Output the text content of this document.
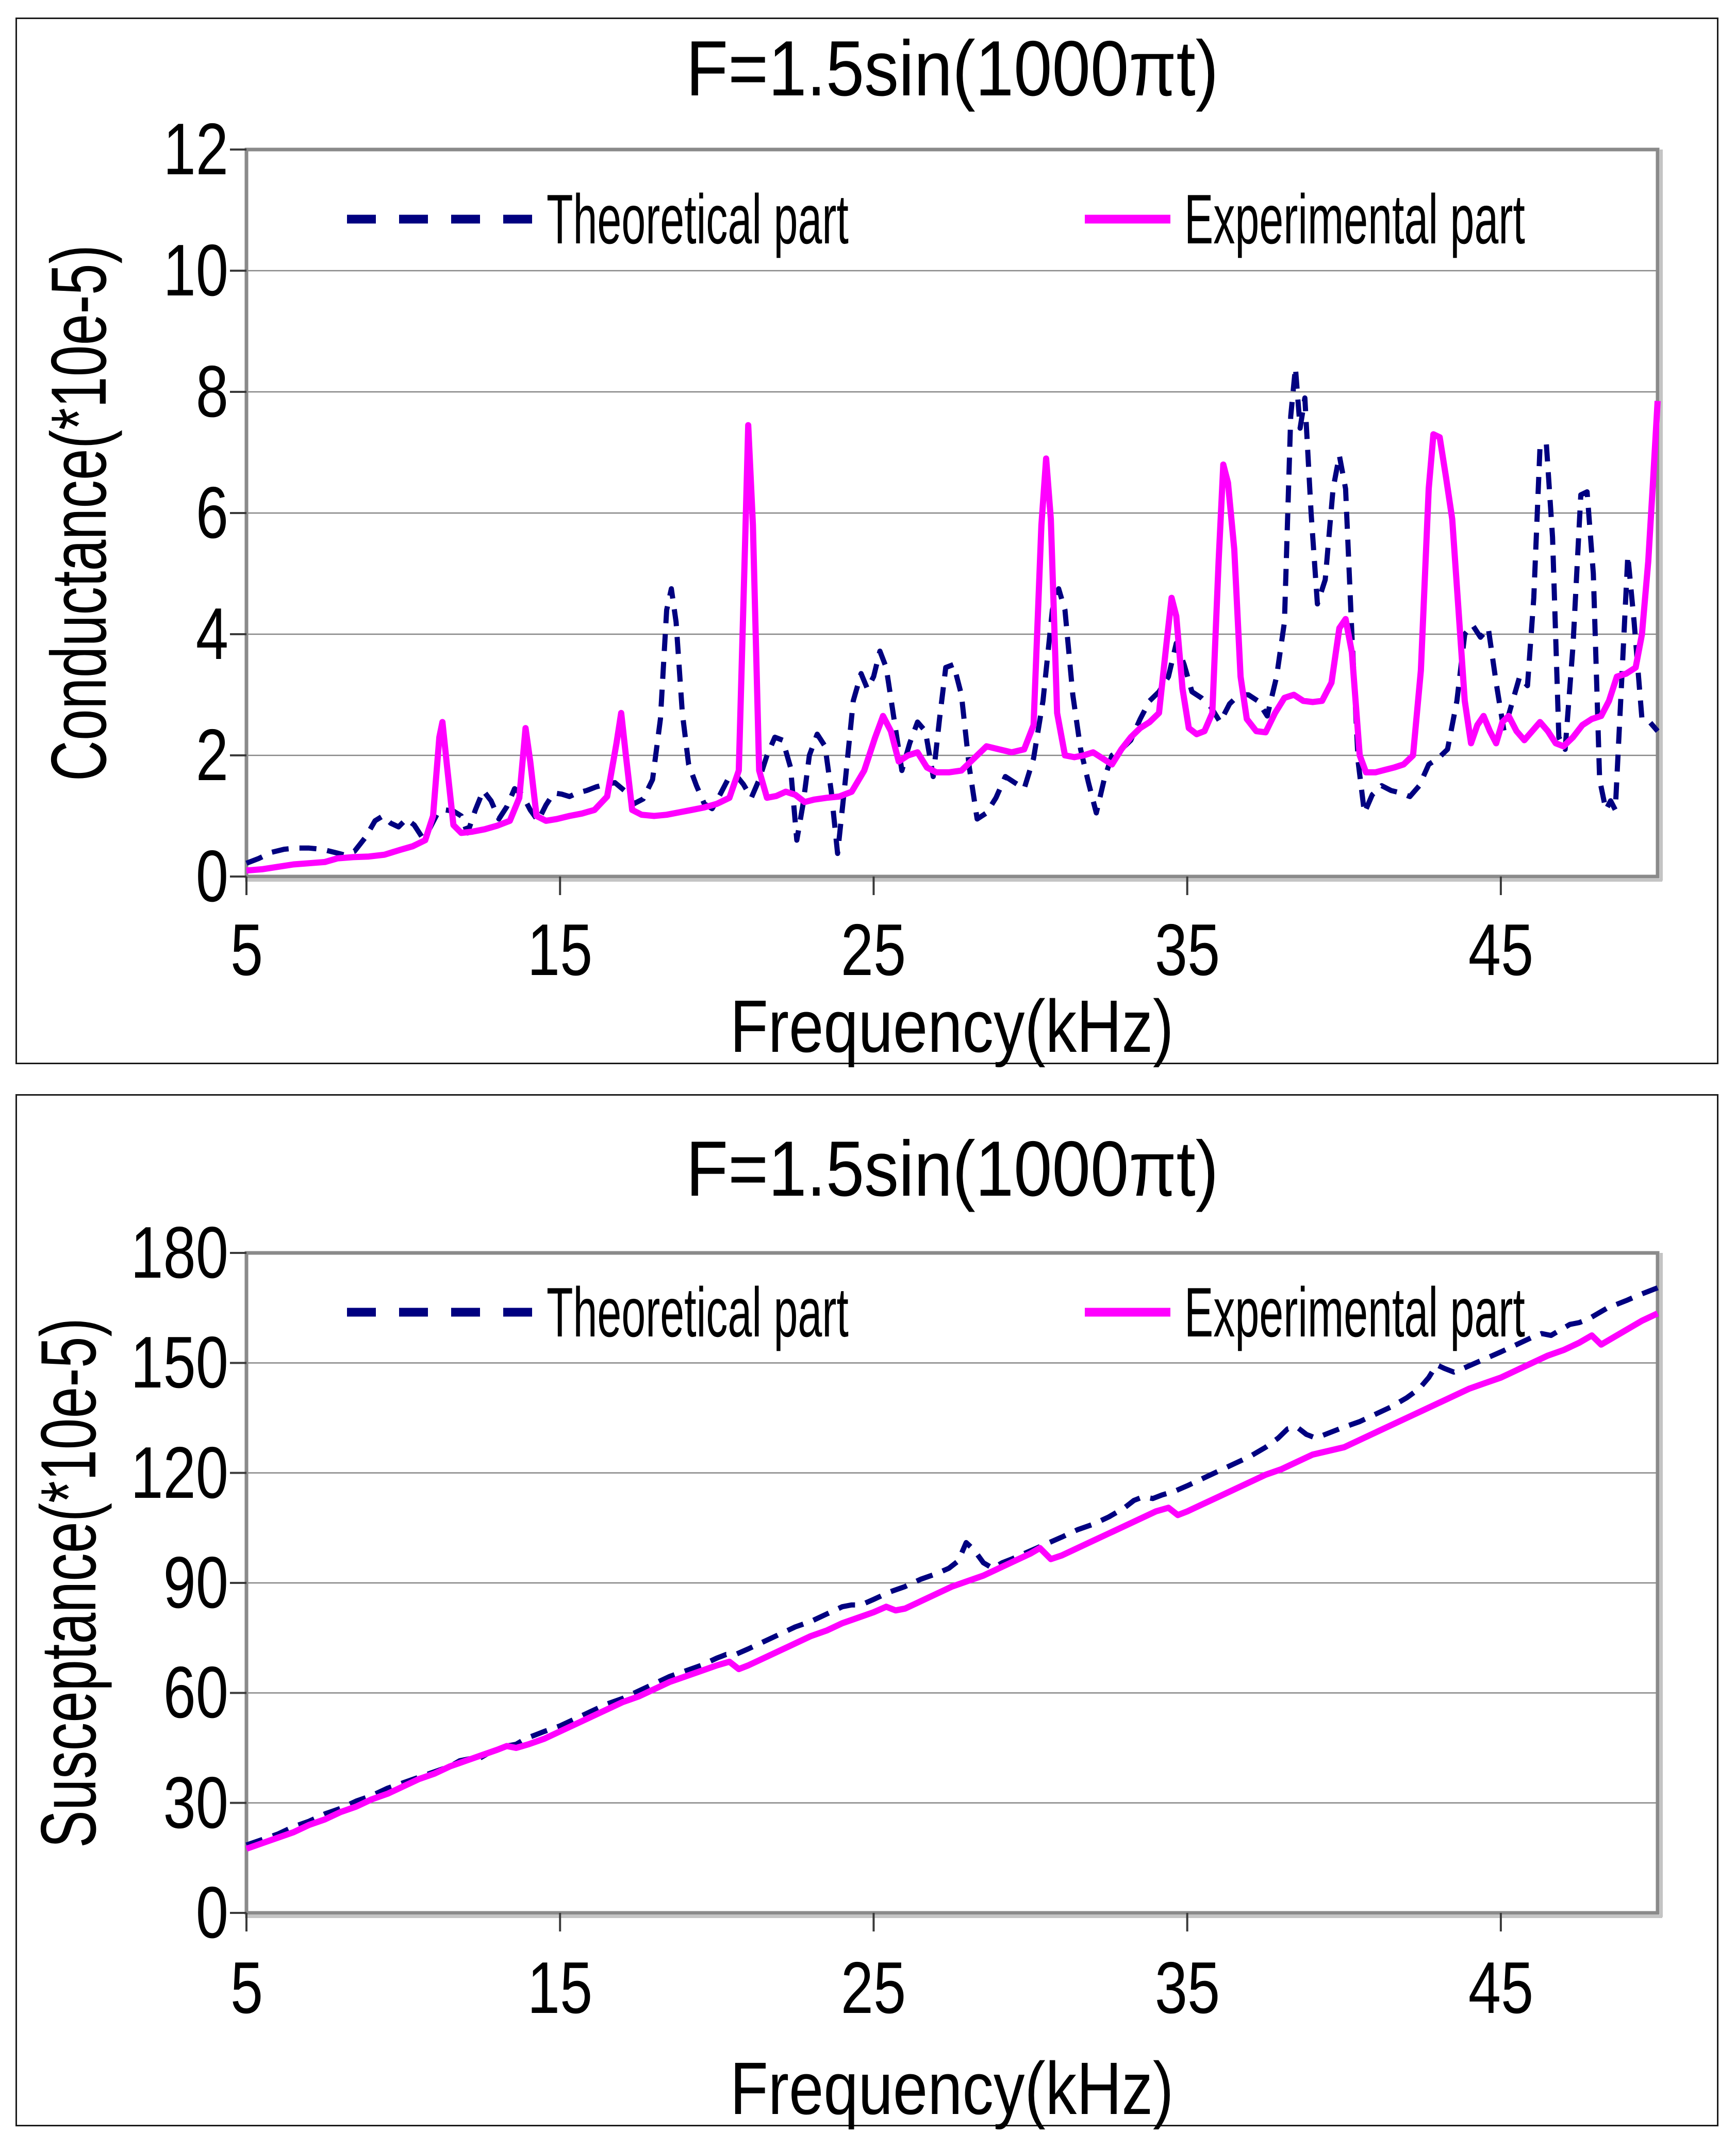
F=1.5sin(1000πt)
Conductance(*10e-5)
Frequency(kHz)
Theoretical part	Experimental part
5	15	25	35	45
0
2
4
6
8
10
12
F=1.5sin(1000πt)
Susceptance(*10e-5)
Frequency(kHz)
Theoretical part	Experimental part
5	15	25	35	45
0
30
60
90
120
150
180
